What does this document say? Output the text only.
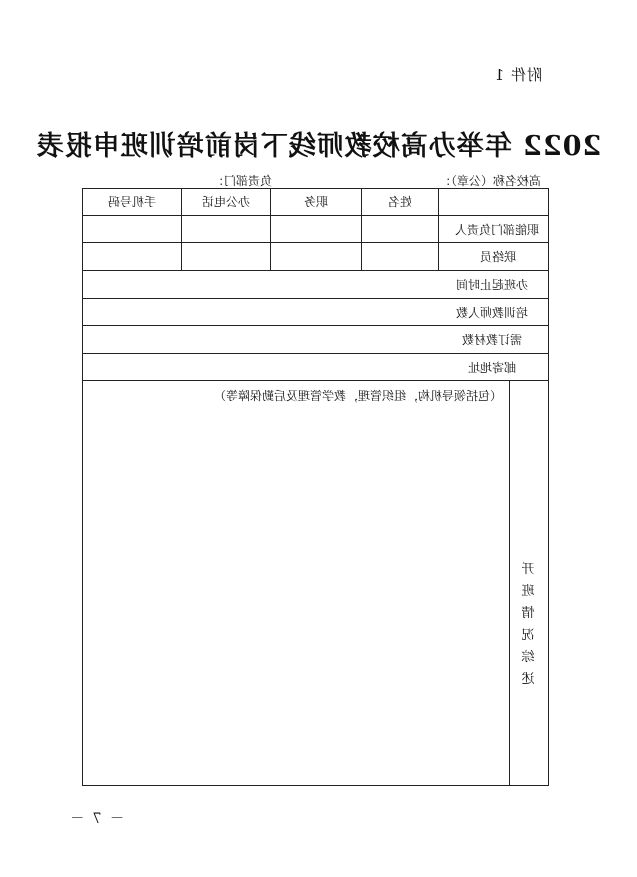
附件 1
2022 年举办高校教师线下岗前培训班申报表
高校名称（公章）：
负责部门：
姓名
职务
办公电话
手机号码
职能部门负责人
联络员
办班起止时间
培训教师人数
需订教材数
邮寄地址
（包括领导机构，组织管理，教学管理及后勤保障等）
开班
情况
综述
－ 7 －
